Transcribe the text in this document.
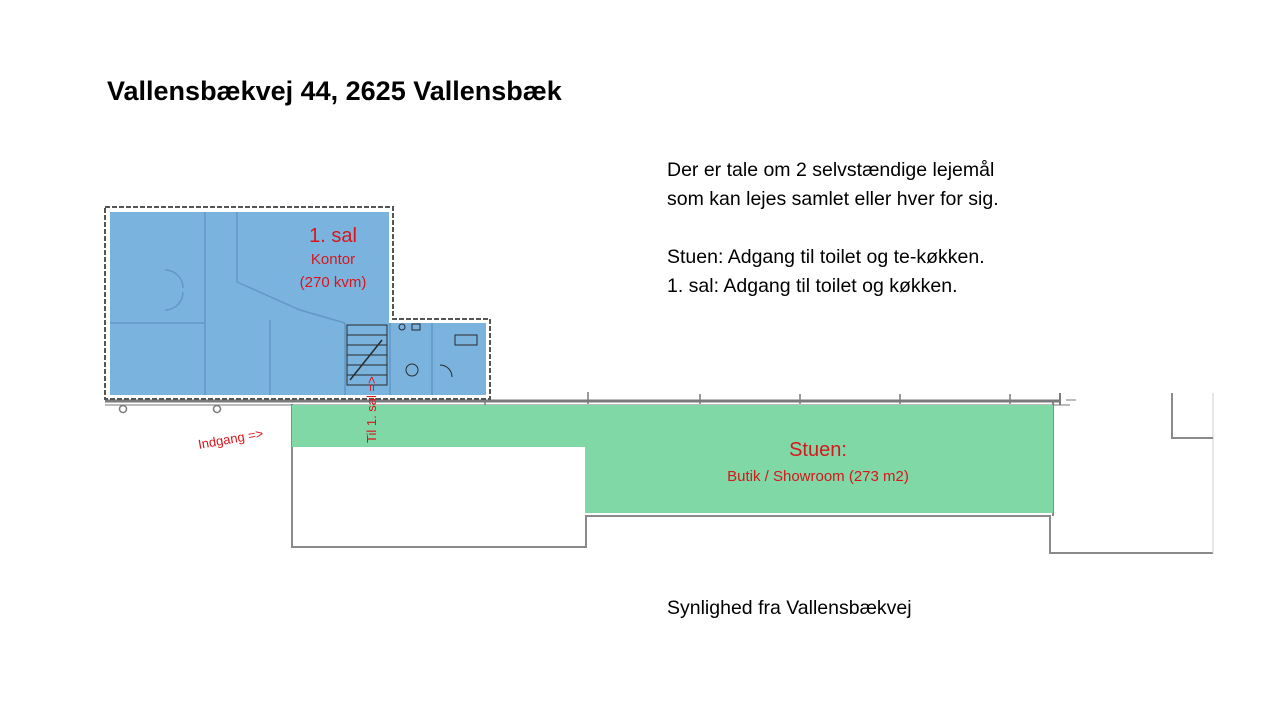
Vallensbækvej 44, 2625 Vallensbæk

Der er tale om 2 selvstændige lejemål

som kan lejes samlet eller hver for sig.

Stuen: Adgang til toilet og te-køkken.

1. sal: Adgang til toilet og køkken.

1. sal
Kontor
(270 kvm)
Stuen:
Butik / Showroom (273 m2)
Indgang =>	Til 1. sal =>
Synlighed fra Vallensbækvej
